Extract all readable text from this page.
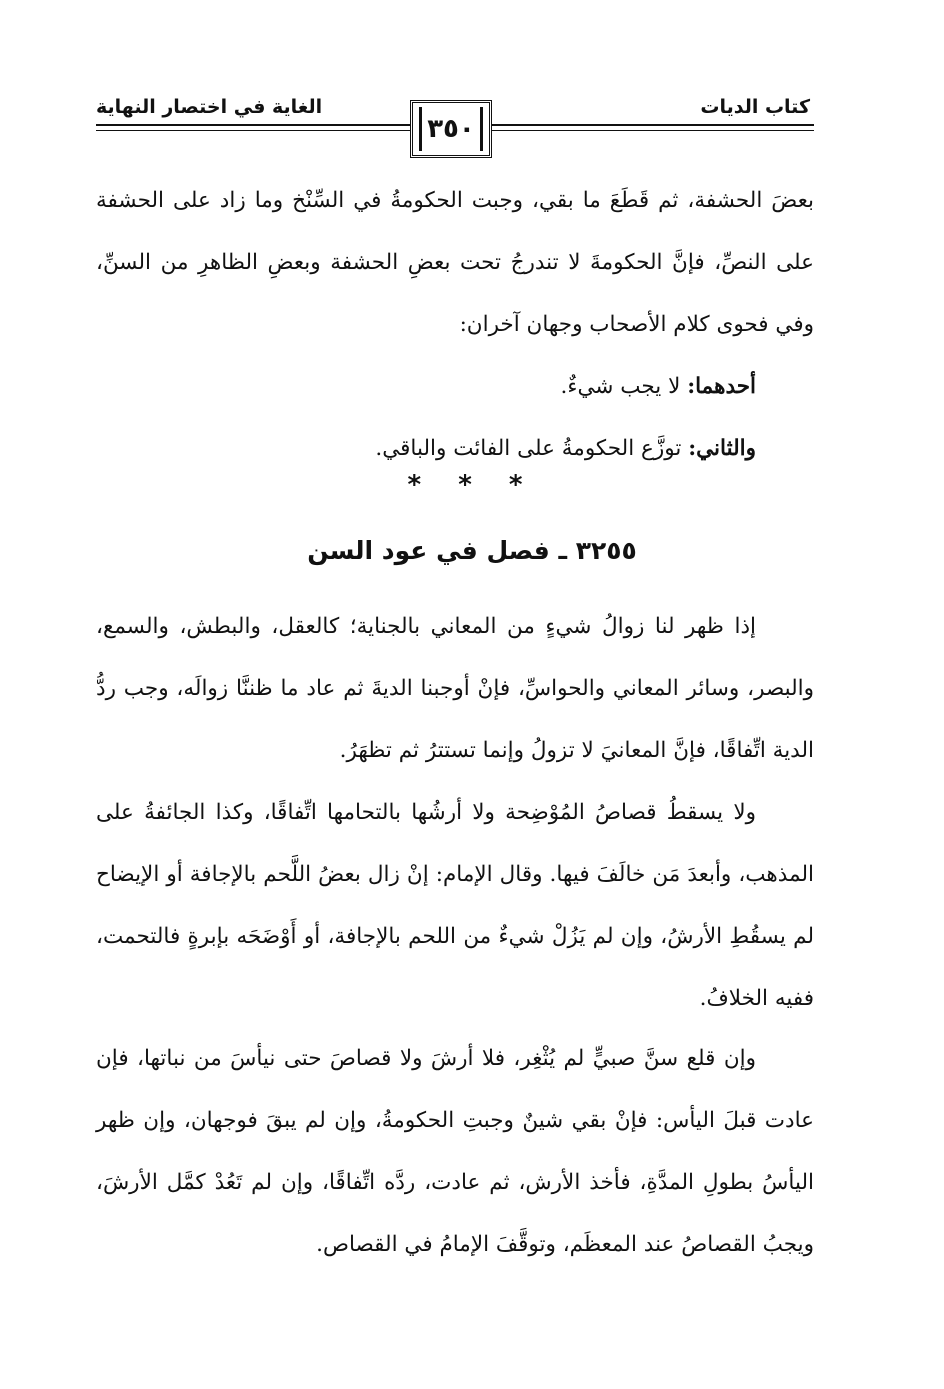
كتاب الديات
الغاية في اختصار النهاية
٣٥٠

بعضَ الحشفة، ثم قَطَعَ ما بقي، وجبت الحكومةُ في السِّنْخ وما زاد على الحشفة على النصِّ، فإنَّ الحكومةَ لا تندرجُ تحت بعضِ الحشفة وبعضِ الظاهرِ من السنِّ، وفي فحوى كلام الأصحاب وجهان آخران:

أحدهما: لا يجب شيءٌ.

والثاني: توزَّع الحكومةُ على الفائت والباقي.

* * *
٣٢٥٥ ـ فصل في عود السن

إذا ظهر لنا زوالُ شيءٍ من المعاني بالجناية؛ كالعقل، والبطش، والسمع، والبصر، وسائر المعاني والحواسِّ، فإنْ أوجبنا الديةَ ثم عاد ما ظننَّا زوالَه، وجب ردُّ الدية اتِّفاقًا، فإنَّ المعانيَ لا تزولُ وإنما تستترُ ثم تظهَرُ.

ولا يسقطُ قصاصُ المُوْضِحة ولا أرشُها بالتحامها اتِّفاقًا، وكذا الجائفةُ على المذهب، وأبعدَ مَن خالَفَ فيها. وقال الإمام: إنْ زال بعضُ اللَّحم بالإجافة أو الإيضاح لم يسقُطِ الأرشُ، وإن لم يَزُلْ شيءٌ من اللحم بالإجافة، أو أَوْضَحَه بإبرةٍ فالتحمت، ففيه الخلافُ.

وإن قلع سنَّ صبيٍّ لم يُثْغِر، فلا أرشَ ولا قصاصَ حتى نيأسَ من نباتها، فإن عادت قبلَ اليأس: فإنْ بقي شينٌ وجبتِ الحكومةُ، وإن لم يبقَ فوجهان، وإن ظهر اليأسُ بطولِ المدَّةِ، فأخذ الأرش، ثم عادت، ردَّه اتِّفاقًا، وإن لم تَعُدْ كمَّل الأرشَ، ويجبُ القصاصُ عند المعظَم، وتوقَّفَ الإمامُ في القصاص.
